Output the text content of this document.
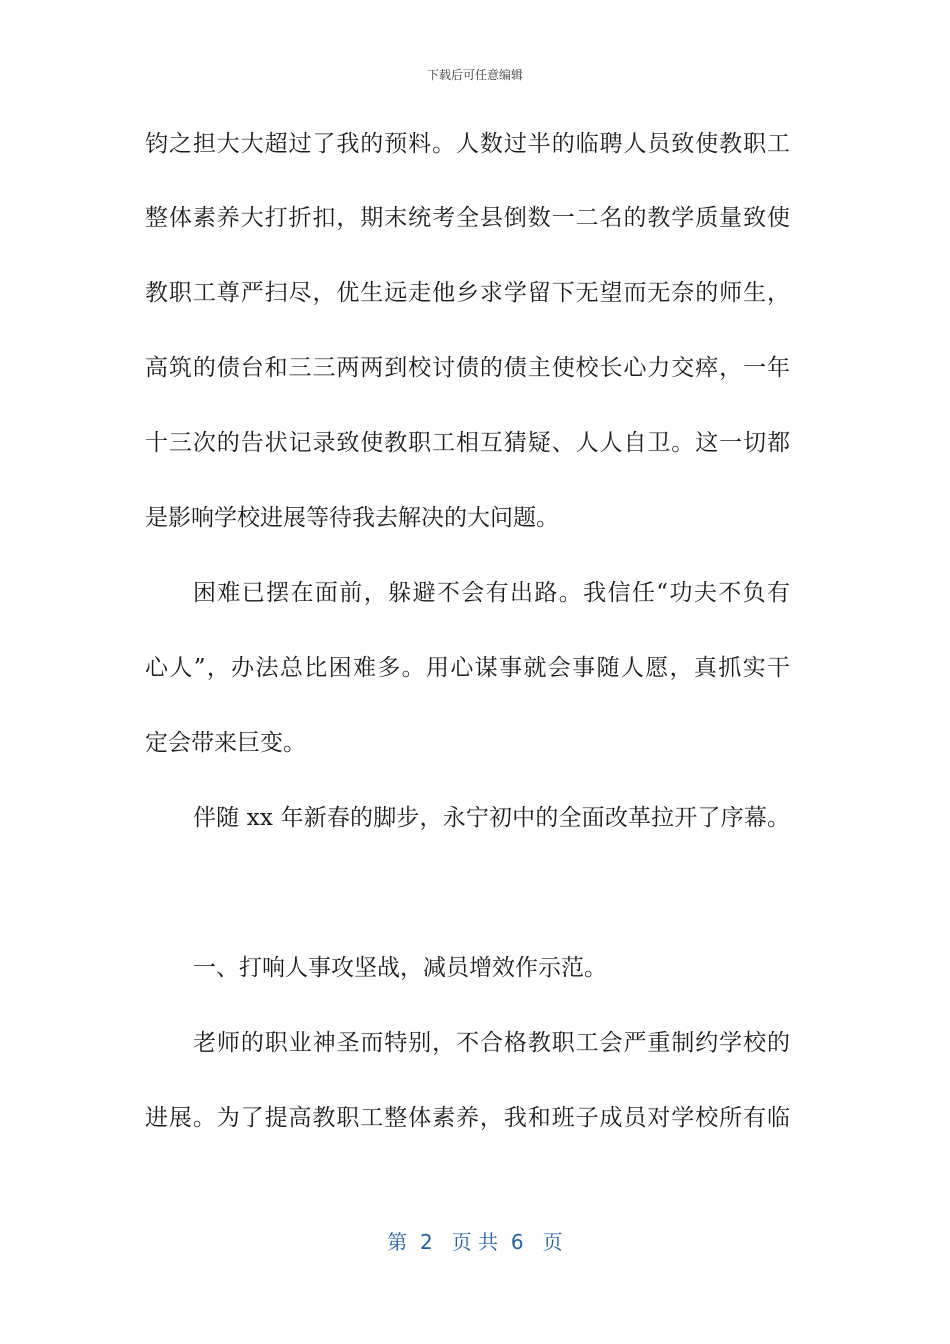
下载后可任意编辑
钧之担大大超过了我的预料。人数过半的临聘人员致使教职工
整体素养大打折扣，期末统考全县倒数一二名的教学质量致使
教职工尊严扫尽，优生远走他乡求学留下无望而无奈的师生，
高筑的债台和三三两两到校讨债的债主使校长心力交瘁，一年
十三次的告状记录致使教职工相互猜疑、人人自卫。这一切都
是影响学校进展等待我去解决的大问题。
困难已摆在面前，躲避不会有出路。我信任“功夫不负有
心人”，办法总比困难多。用心谋事就会事随人愿，真抓实干
定会带来巨变。
伴随 xx 年新春的脚步，永宁初中的全面改革拉开了序幕。
一、打响人事攻坚战，减员增效作示范。
老师的职业神圣而特别，不合格教职工会严重制约学校的
进展。为了提高教职工整体素养，我和班子成员对学校所有临
第  2   页 共  6   页
